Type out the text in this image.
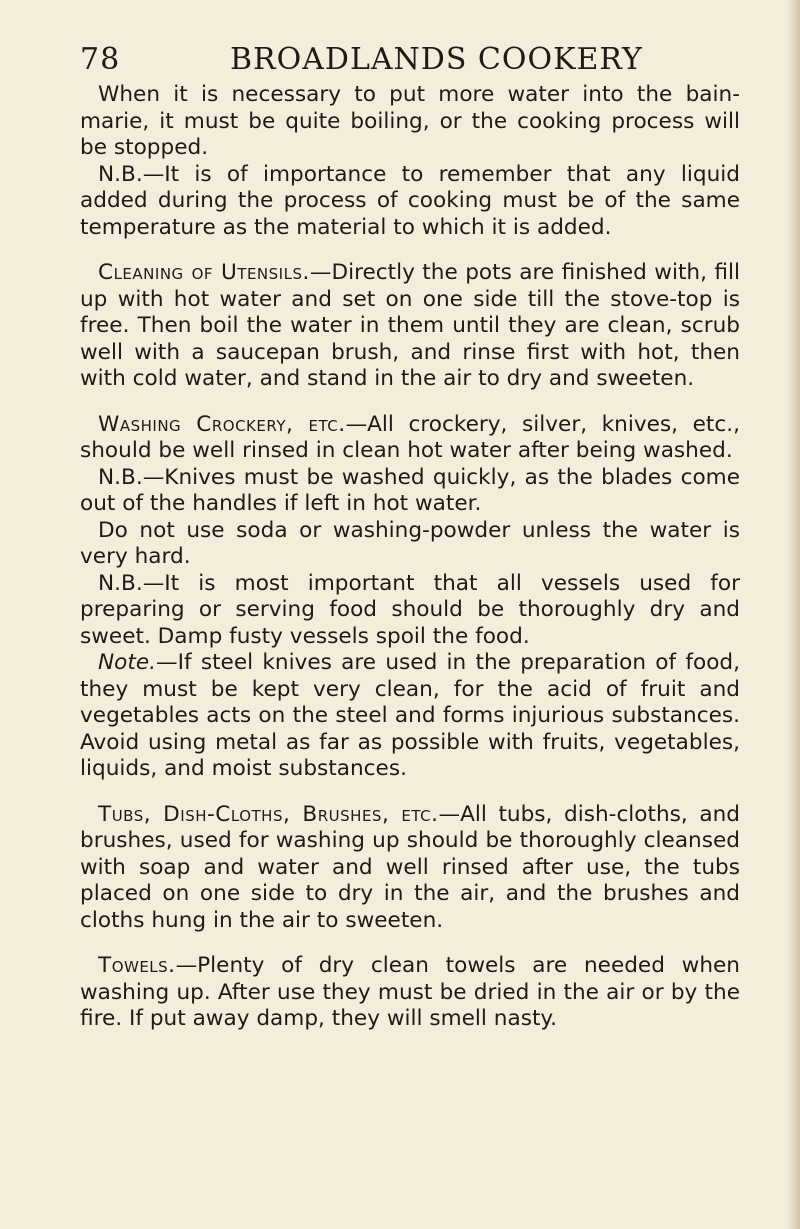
78	BROADLANDS COOKERY

When it is necessary to put more water into the bain-marie, it must be quite boiling, or the cooking process will be stopped.

N.B.—It is of importance to remember that any liquid added during the process of cooking must be of the same temperature as the material to which it is added.

Cleaning of Utensils.—Directly the pots are finished with, fill up with hot water and set on one side till the stove-top is free. Then boil the water in them until they are clean, scrub well with a saucepan brush, and rinse first with hot, then with cold water, and stand in the air to dry and sweeten.

Washing Crockery, etc.—All crockery, silver, knives, etc., should be well rinsed in clean hot water after being washed.

N.B.—Knives must be washed quickly, as the blades come out of the handles if left in hot water.

Do not use soda or washing-powder unless the water is very hard.

N.B.—It is most important that all vessels used for preparing or serving food should be thoroughly dry and sweet. Damp fusty vessels spoil the food.

Note.—If steel knives are used in the preparation of food, they must be kept very clean, for the acid of fruit and vegetables acts on the steel and forms injurious substances. Avoid using metal as far as possible with fruits, vegetables, liquids, and moist substances.

Tubs, Dish-Cloths, Brushes, etc.—All tubs, dish-cloths, and brushes, used for washing up should be thoroughly cleansed with soap and water and well rinsed after use, the tubs placed on one side to dry in the air, and the brushes and cloths hung in the air to sweeten.

Towels.—Plenty of dry clean towels are needed when washing up. After use they must be dried in the air or by the fire. If put away damp, they will smell nasty.
